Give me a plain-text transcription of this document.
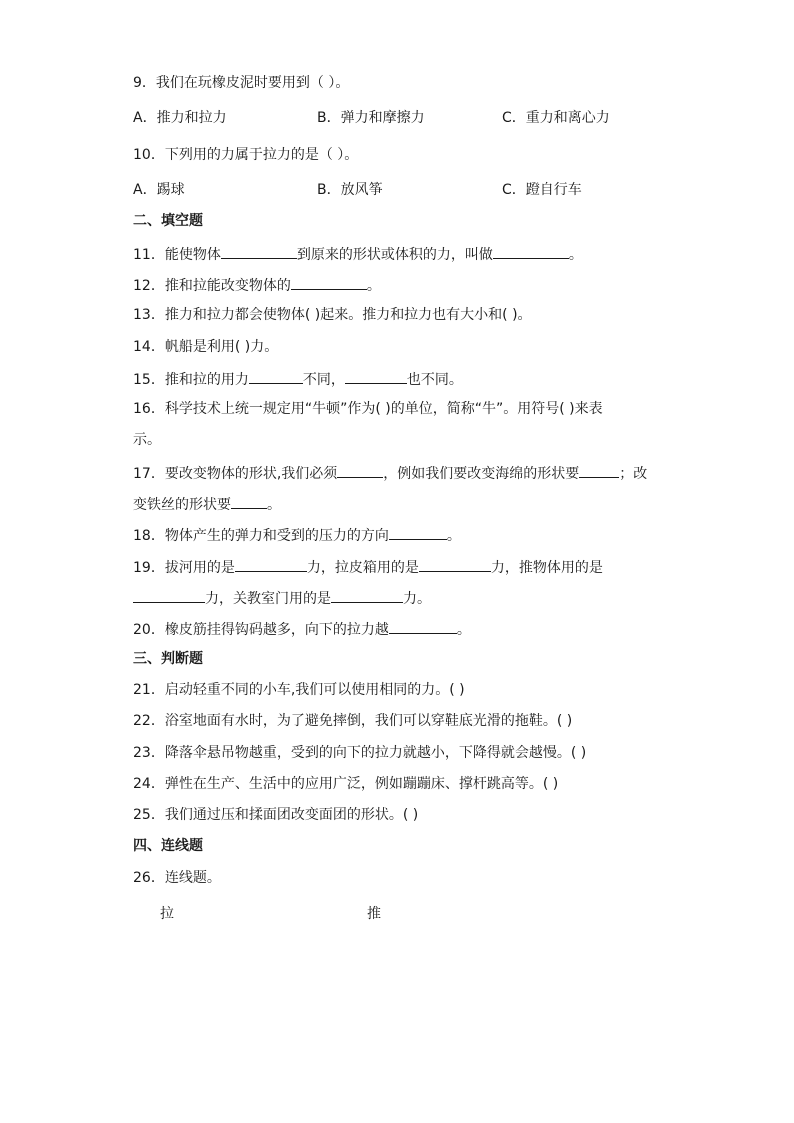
9．我们在玩橡皮泥时要用到（ ）。
A．推力和拉力	B．弹力和摩擦力	C．重力和离心力
10．下列用的力属于拉力的是（ ）。
A．踢球	B．放风筝	C．蹬自行车
二、填空题
11．能使物体	到原来的形状或体积的力，叫做	。
12．推和拉能改变物体的	。
13．推力和拉力都会使物体( )起来。推力和拉力也有大小和( )。
14．帆船是利用( )力。
15．推和拉的用力	不同，	也不同。
16．科学技术上统一规定用“牛顿”作为( )的单位，简称“牛”。用符号( )来表
示。
17．要改变物体的形状,我们必须	，例如我们要改变海绵的形状要	；改
变铁丝的形状要	。
18．物体产生的弹力和受到的压力的方向	。
19．拔河用的是	力，拉皮箱用的是	力，推物体用的是
力，关教室门用的是	力。
20．橡皮筋挂得钩码越多，向下的拉力越	。
三、判断题
21．启动轻重不同的小车,我们可以使用相同的力。( )
22．浴室地面有水时，为了避免摔倒，我们可以穿鞋底光滑的拖鞋。( )
23．降落伞悬吊物越重，受到的向下的拉力就越小，下降得就会越慢。( )
24．弹性在生产、生活中的应用广泛，例如蹦蹦床、撑杆跳高等。( )
25．我们通过压和揉面团改变面团的形状。( )
四、连线题
26．连线题。
拉	推
